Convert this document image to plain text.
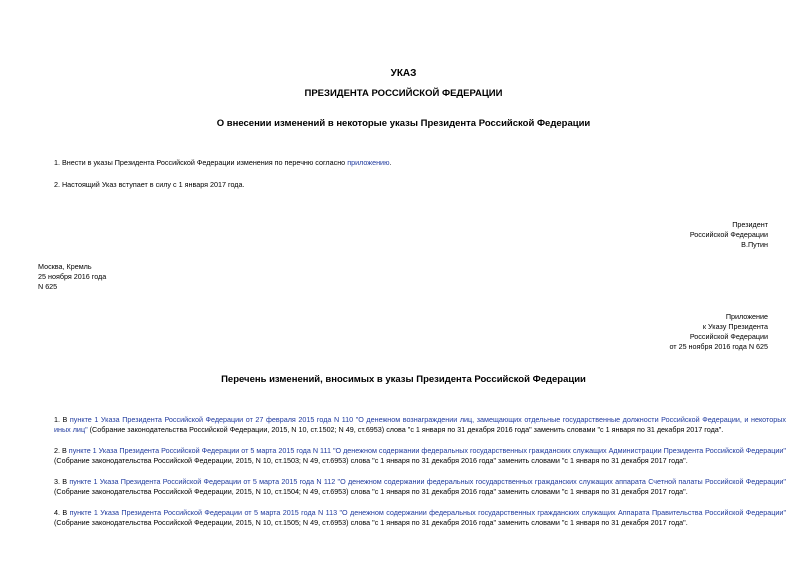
УКАЗ
ПРЕЗИДЕНТА РОССИЙСКОЙ ФЕДЕРАЦИИ
О внесении изменений в некоторые указы Президента Российской Федерации
1. Внести в указы Президента Российской Федерации изменения по перечню согласно приложению.
2. Настоящий Указ вступает в силу с 1 января 2017 года.
Президент
Российской Федерации
В.Путин
Москва, Кремль
25 ноября 2016 года
N 625
Приложение
к Указу Президента
Российской Федерации
от 25 ноября 2016 года N 625
Перечень изменений, вносимых в указы Президента Российской Федерации
1. В пункте 1 Указа Президента Российской Федерации от 27 февраля 2015 года N 110 "О денежном вознаграждении лиц, замещающих отдельные государственные должности Российской Федерации, и некоторых иных лиц" (Собрание законодательства Российской Федерации, 2015, N 10, ст.1502; N 49, ст.6953) слова "с 1 января по 31 декабря 2016 года" заменить словами "с 1 января по 31 декабря 2017 года".
2. В пункте 1 Указа Президента Российской Федерации от 5 марта 2015 года N 111 "О денежном содержании федеральных государственных гражданских служащих Администрации Президента Российской Федерации" (Собрание законодательства Российской Федерации, 2015, N 10, ст.1503; N 49, ст.6953) слова "с 1 января по 31 декабря 2016 года" заменить словами "с 1 января по 31 декабря 2017 года".
3. В пункте 1 Указа Президента Российской Федерации от 5 марта 2015 года N 112 "О денежном содержании федеральных государственных гражданских служащих аппарата Счетной палаты Российской Федерации" (Собрание законодательства Российской Федерации, 2015, N 10, ст.1504; N 49, ст.6953) слова "с 1 января по 31 декабря 2016 года" заменить словами "с 1 января по 31 декабря 2017 года".
4. В пункте 1 Указа Президента Российской Федерации от 5 марта 2015 года N 113 "О денежном содержании федеральных государственных гражданских служащих Аппарата Правительства Российской Федерации" (Собрание законодательства Российской Федерации, 2015, N 10, ст.1505; N 49, ст.6953) слова "с 1 января по 31 декабря 2016 года" заменить словами "с 1 января по 31 декабря 2017 года".
